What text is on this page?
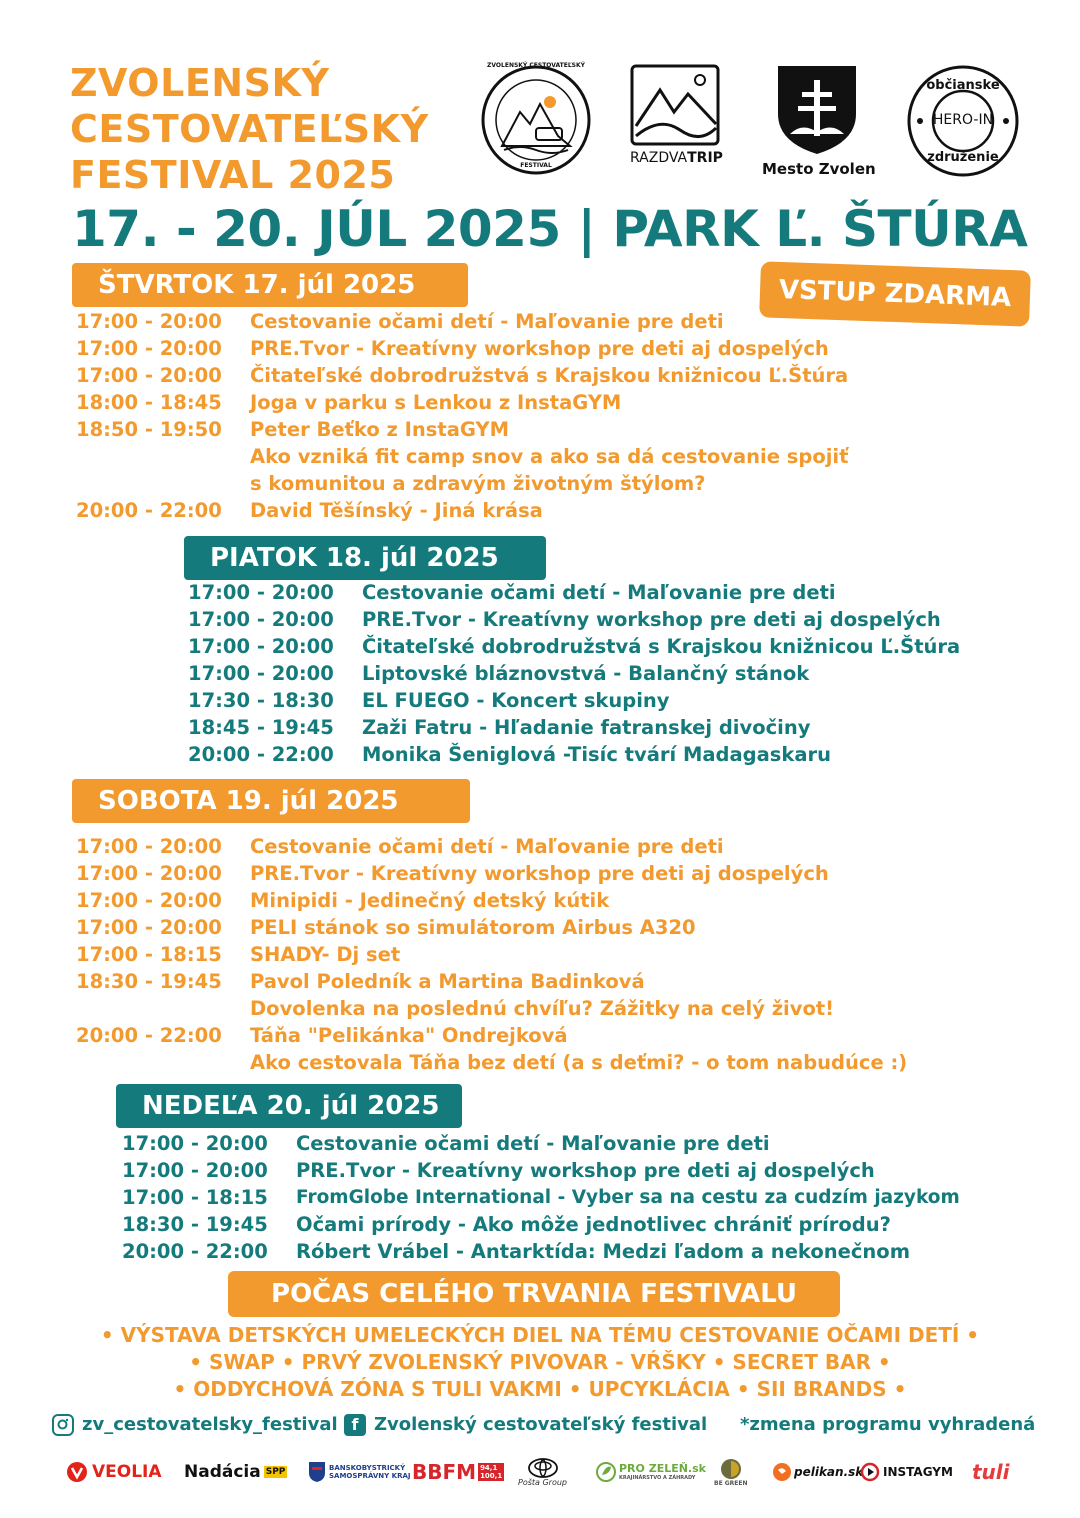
ZVOLENSKÝ
CESTOVATEĽSKÝ
FESTIVAL 2025
ZVOLENSKÝ CESTOVATEĽSKÝ
FESTIVAL	RAZDVATRIP
Mesto Zvolen
občianske
HERO-IN
združenie
17. - 20. JÚL 2025 | PARK Ľ. ŠTÚRA
ŠTVRTOK 17. júl 2025	VSTUP ZDARMA
17:00 - 20:00	Cestovanie očami detí - Maľovanie pre deti
17:00 - 20:00	PRE.Tvor - Kreatívny workshop pre deti aj dospelých
17:00 - 20:00	Čitateľské dobrodružstvá s Krajskou knižnicou Ľ.Štúra
18:00 - 18:45	Joga v parku s Lenkou z InstaGYM
18:50 - 19:50	Peter Beťko z InstaGYM
Ako vzniká fit camp snov a ako sa dá cestovanie spojiť
s komunitou a zdravým životným štýlom?
20:00 - 22:00	David Těšínský - Jiná krása
PIATOK 18. júl 2025
17:00 - 20:00	Cestovanie očami detí - Maľovanie pre deti
17:00 - 20:00	PRE.Tvor - Kreatívny workshop pre deti aj dospelých
17:00 - 20:00	Čitateľské dobrodružstvá s Krajskou knižnicou Ľ.Štúra
17:00 - 20:00	Liptovské bláznovstvá - Balančný stánok
17:30 - 18:30	EL FUEGO - Koncert skupiny
18:45 - 19:45	Zaži Fatru - Hľadanie fatranskej divočiny
20:00 - 22:00	Monika Šeniglová -Tisíc tvárí Madagaskaru
SOBOTA 19. júl 2025
17:00 - 20:00	Cestovanie očami detí - Maľovanie pre deti
17:00 - 20:00	PRE.Tvor - Kreatívny workshop pre deti aj dospelých
17:00 - 20:00	Minipidi - Jedinečný detský kútik
17:00 - 20:00	PELI stánok so simulátorom Airbus A320
17:00 - 18:15	SHADY- Dj set
18:30 - 19:45	Pavol Poledník a Martina Badinková
Dovolenka na poslednú chvíľu? Zážitky na celý život!
20:00 - 22:00	Táňa "Pelikánka" Ondrejková
Ako cestovala Táňa bez detí (a s deťmi? - o tom nabudúce :)
NEDEĽA 20. júl 2025
17:00 - 20:00	Cestovanie očami detí - Maľovanie pre deti
17:00 - 20:00	PRE.Tvor - Kreatívny workshop pre deti aj dospelých
17:00 - 18:15	FromGlobe International - Vyber sa na cestu za cudzím jazykom
18:30 - 19:45	Očami prírody - Ako môže jednotlivec chrániť prírodu?
20:00 - 22:00	Róbert Vrábel - Antarktída: Medzi ľadom a nekonečnom
POČAS CELÉHO TRVANIA FESTIVALU
• VÝSTAVA DETSKÝCH UMELECKÝCH DIEL NA TÉMU CESTOVANIE OČAMI DETÍ •
• SWAP • PRVÝ ZVOLENSKÝ PIVOVAR - VŔŠKY • SECRET BAR •
• ODDYCHOVÁ ZÓNA S TULI VAKMI • UPCYKLÁCIA • SII BRANDS •
zv_cestovatelsky_festival f Zvolenský cestovateľský festival *zmena programu vyhradená
VEOLIA Nadácia SPP	BANSKOBYSTRICKÝ
SAMOSPRÁVNY KRAJ BBFM 94,1
100,1
Pošta Group
PRO ZELEŇ.sk
KRAJINÁRSTVO A ZÁHRADY
BE GREEN
pelikan.sk INSTAGYM tuli
